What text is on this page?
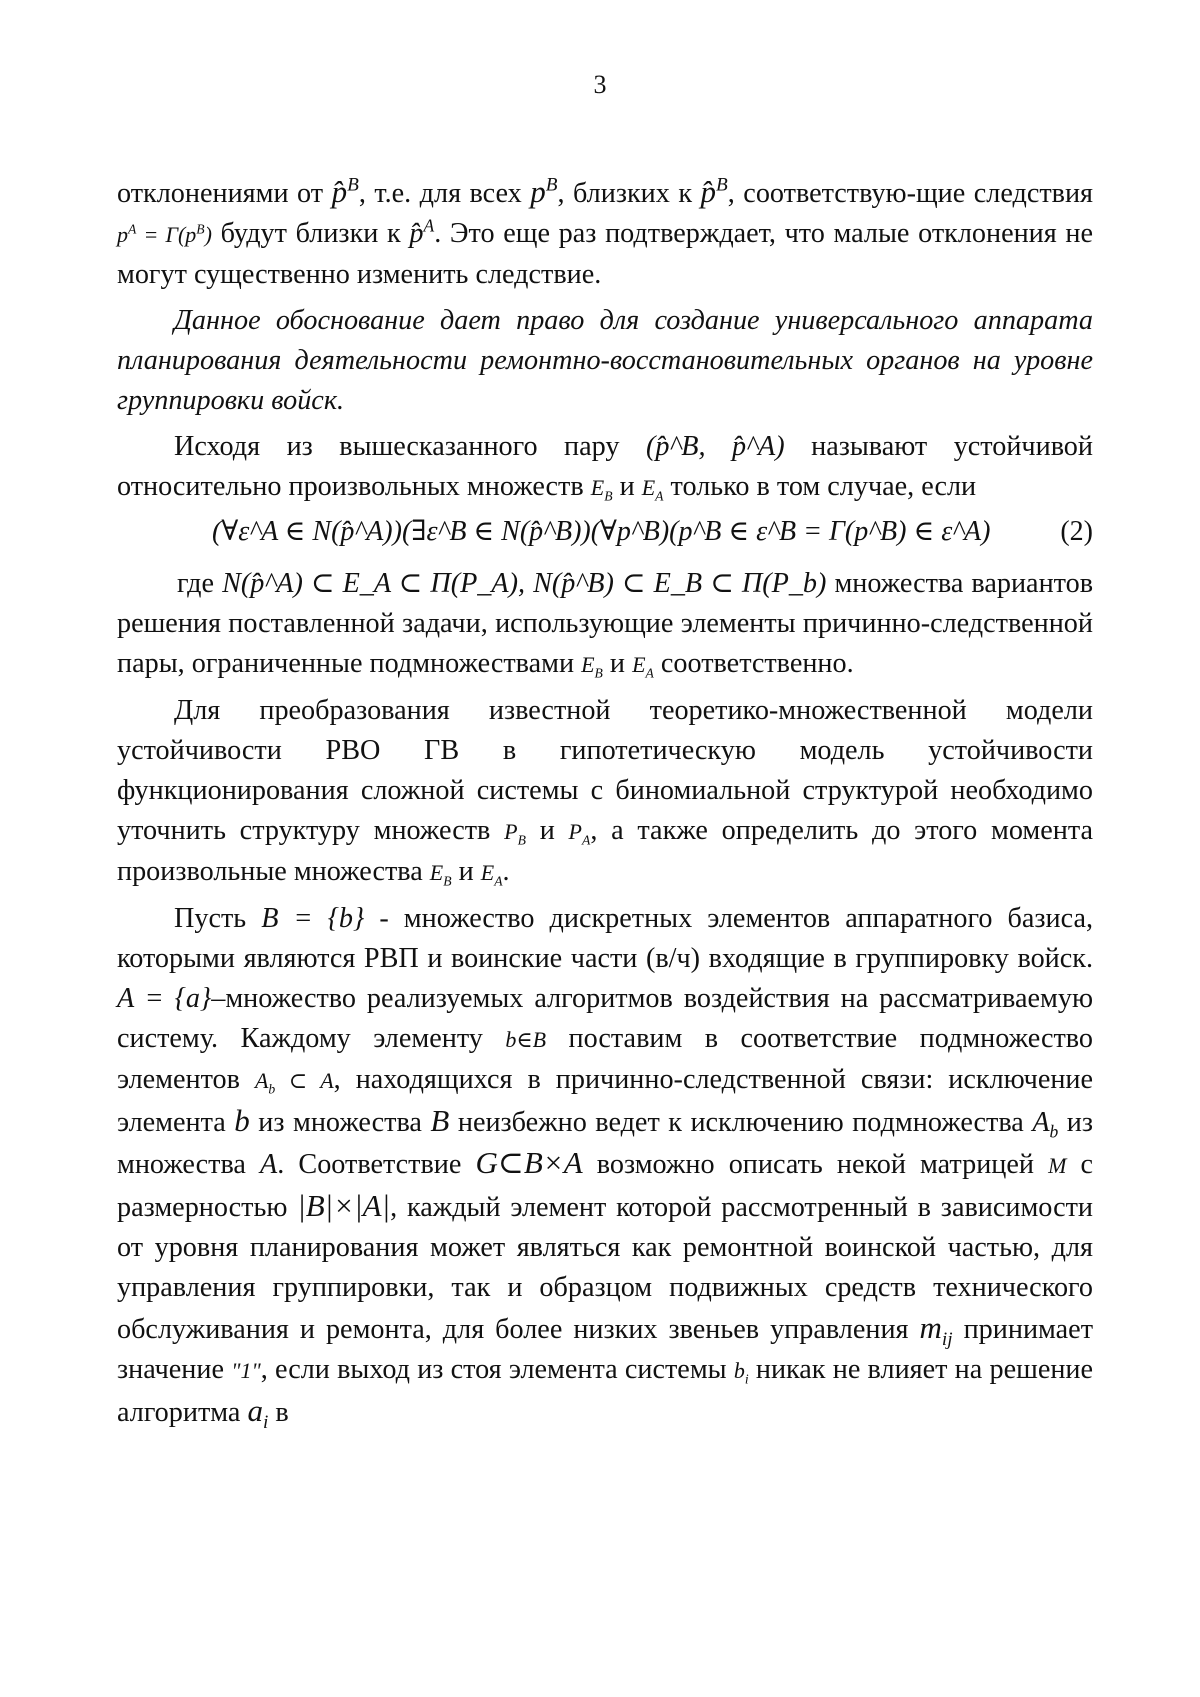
3

отклонениями от p̂$^B$, т.е. для всех $p^B$, близких к p̂$^B$, соответствую-щие следствия $p^A = \Gamma(p^B)$ будут близки к p̂$^A$. Это еще раз подтверждает, что малые отклонения не могут существенно изменить следствие.

Данное обоснование дает право для создание универсального аппарата планирования деятельности ремонтно-восстановительных органов на уровне группировки войск.

Исходя из вышесказанного пару (p̂^B, p̂^A) называют устойчивой относительно произвольных множеств $E_B$ и $E_A$ только в том случае, если

(∀ε^A ∈ N(p̂^A))(∃ε^B ∈ N(p̂^B))(∀p^B)(p^B ∈ ε^B = Γ(p^B) ∈ ε^A) (2)

где N(p̂^A) ⊂ E_A ⊂ Π(P_A), N(p̂^B) ⊂ E_B ⊂ Π(P_b) множества вариантов решения поставленной задачи, использующие элементы причинно-следственной пары, ограниченные подмножествами $E_B$ и $E_A$ соответственно.

Для преобразования известной теоретико-множественной модели устойчивости РВО ГВ в гипотетическую модель устойчивости функционирования сложной системы с биномиальной структурой необходимо уточнить структуру множеств $P_B$ и $P_A$, а также определить до этого момента произвольные множества $E_B$ и $E_A$.

Пусть B = {b} - множество дискретных элементов аппаратного базиса, которыми являются РВП и воинские части (в/ч) входящие в группировку войск. A = {a}–множество реализуемых алгоритмов воздействия на рассматриваемую систему. Каждому элементу b∈B поставим в соответствие подмножество элементов $A_b$ ⊂ A, находящихся в причинно-следственной связи: исключение элемента b из множества B неизбежно ведет к исключению подмножества $A_b$ из множества A. Соответствие G⊂B×A возможно описать некой матрицей M с размерностью |B|×|A|, каждый элемент которой рассмотренный в зависимости от уровня планирования может являться как ремонтной воинской частью, для управления группировки, так и образцом подвижных средств технического обслуживания и ремонта, для более низких звеньев управления $m_{ij}$ принимает значение "1", если выход из стоя элемента системы $b_i$ никак не влияет на решение алгоритма $a_i$ в
